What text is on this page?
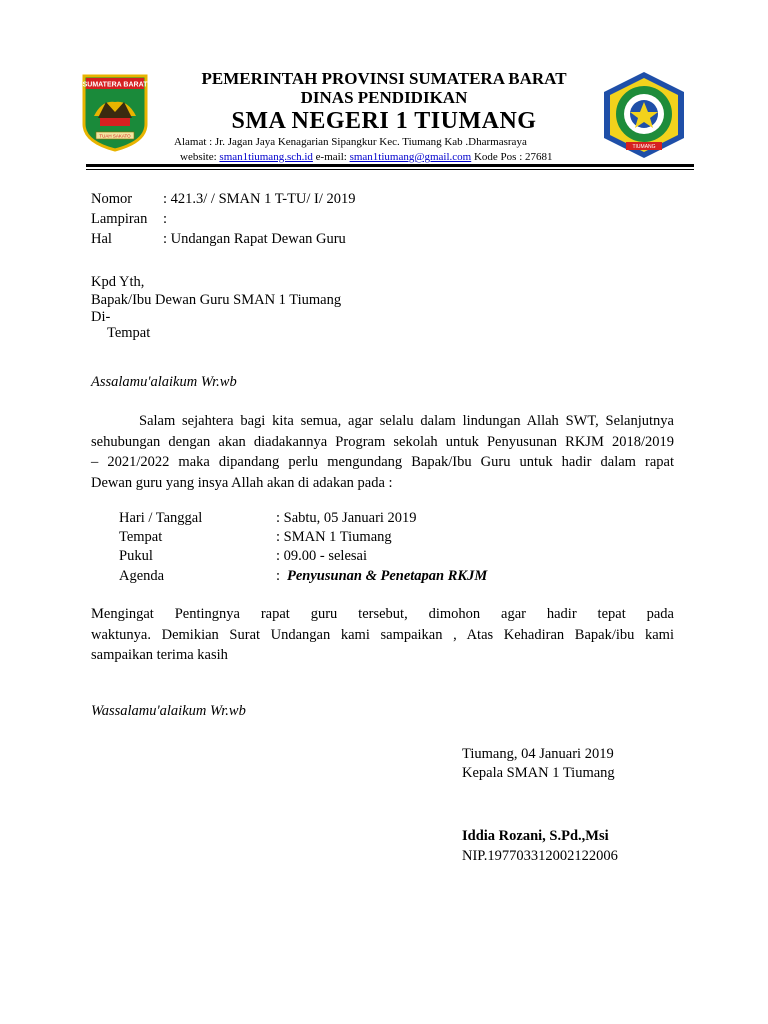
SUMATERA BARAT
TUAH SAKATO
TIUMANG
PEMERINTAH PROVINSI SUMATERA BARAT
DINAS PENDIDIKAN
SMA NEGERI 1 TIUMANG
Alamat : Jr. Jagan Jaya Kenagarian Sipangkur Kec. Tiumang Kab .Dharmasraya
website: sman1tiumang.sch.id e-mail: sman1tiumang@gmail.com Kode Pos : 27681
Nomor : 421.3/ / SMAN 1 T-TU/ I/ 2019
Lampiran :
Hal	: Undangan Rapat Dewan Guru
Kpd Yth,
Bapak/Ibu Dewan Guru SMAN 1 Tiumang
Di-
Tempat
Assalamu'alaikum Wr.wb
Salam sejahtera bagi kita semua, agar selalu dalam lindungan Allah SWT, Selanjutnya
sehubungan dengan akan diadakannya Program sekolah untuk Penyusunan RKJM 2018/2019
– 2021/2022 maka dipandang perlu mengundang Bapak/Ibu Guru untuk hadir dalam rapat
Dewan guru yang insya Allah akan di adakan pada :
Hari / Tanggal	: Sabtu, 05 Januari 2019
Tempat	: SMAN 1 Tiumang
Pukul	: 09.00 - selesai
Agenda	: Penyusunan & Penetapan RKJM
Mengingat Pentingnya rapat guru tersebut, dimohon agar hadir tepat pada
waktunya. Demikian Surat Undangan kami sampaikan , Atas Kehadiran Bapak/ibu kami
sampaikan terima kasih
Wassalamu'alaikum Wr.wb
Tiumang, 04 Januari 2019
Kepala SMAN 1 Tiumang
Iddia Rozani, S.Pd.,Msi
NIP.197703312002122006
